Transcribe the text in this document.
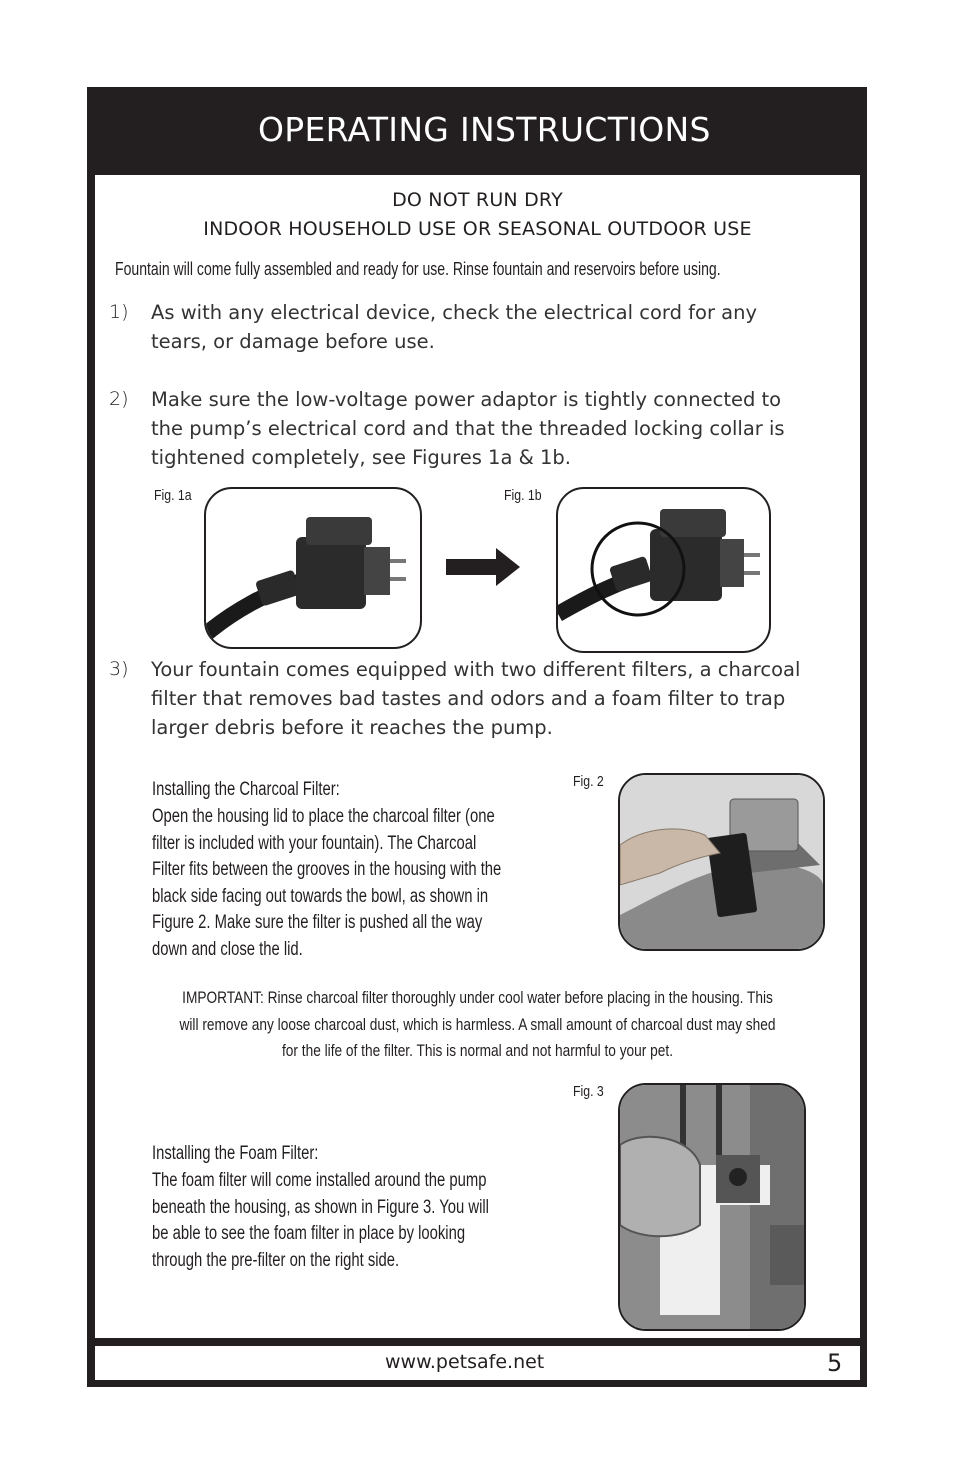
OPERATING INSTRUCTIONS
DO NOT RUN DRY
INDOOR HOUSEHOLD USE OR SEASONAL OUTDOOR USE
Fountain will come fully assembled and ready for use. Rinse fountain and reservoirs before using.
1) As with any electrical device, check the electrical cord for any
tears, or damage before use.
2) Make sure the low-voltage power adaptor is tightly connected to
the pump’s electrical cord and that the threaded locking collar is
tightened completely, see Figures 1a & 1b.
Fig. 1a	Fig. 1b
3) Your fountain comes equipped with two different filters, a charcoal
filter that removes bad tastes and odors and a foam filter to trap
larger debris before it reaches the pump.
Installing the Charcoal Filter:
Open the housing lid to place the charcoal filter (one
filter is included with your fountain). The Charcoal
Filter fits between the grooves in the housing with the
black side facing out towards the bowl, as shown in
Figure 2. Make sure the filter is pushed all the way
down and close the lid.
Fig. 2
IMPORTANT: Rinse charcoal filter thoroughly under cool water before placing in the housing. This
will remove any loose charcoal dust, which is harmless. A small amount of charcoal dust may shed
for the life of the filter. This is normal and not harmful to your pet.
Fig. 3
Installing the Foam Filter:
The foam filter will come installed around the pump
beneath the housing, as shown in Figure 3. You will
be able to see the foam filter in place by looking
through the pre-filter on the right side.
www.petsafe.net	5
